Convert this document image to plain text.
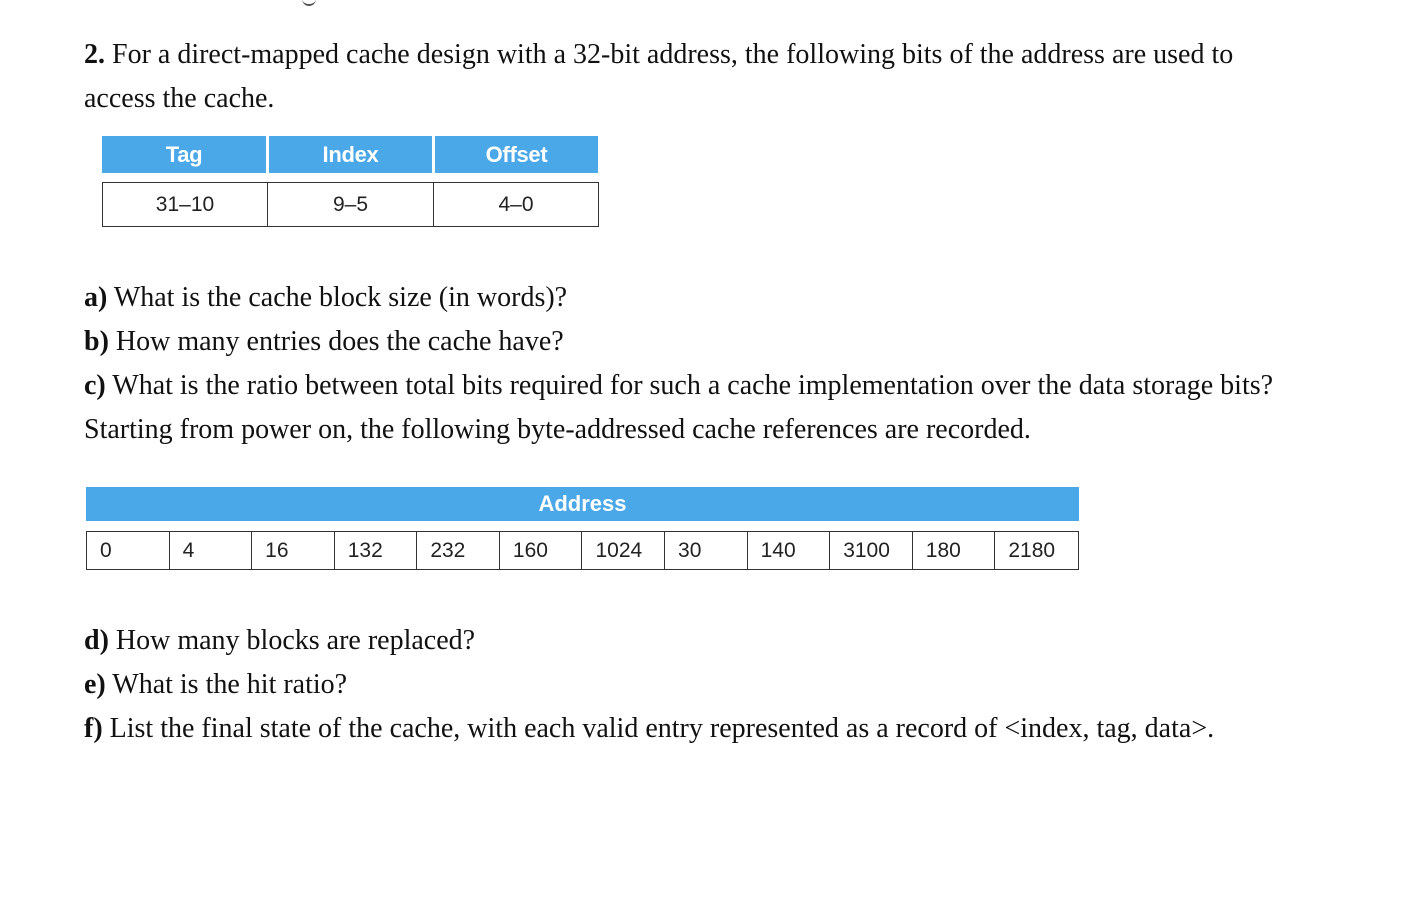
2. For a direct-mapped cache design with a 32-bit address, the following bits of the address are used to
access the cache.

Tag	Index	Offset
31–10	9–5	4–0

a) What is the cache block size (in words)?
b) How many entries does the cache have?
c) What is the ratio between total bits required for such a cache implementation over the data storage bits?
Starting from power on, the following byte-addressed cache references are recorded.

Address
0	4	16	132	232	160	1024	30	140	3100	180	2180

d) How many blocks are replaced?
e) What is the hit ratio?
f) List the final state of the cache, with each valid entry represented as a record of <index, tag, data>.
